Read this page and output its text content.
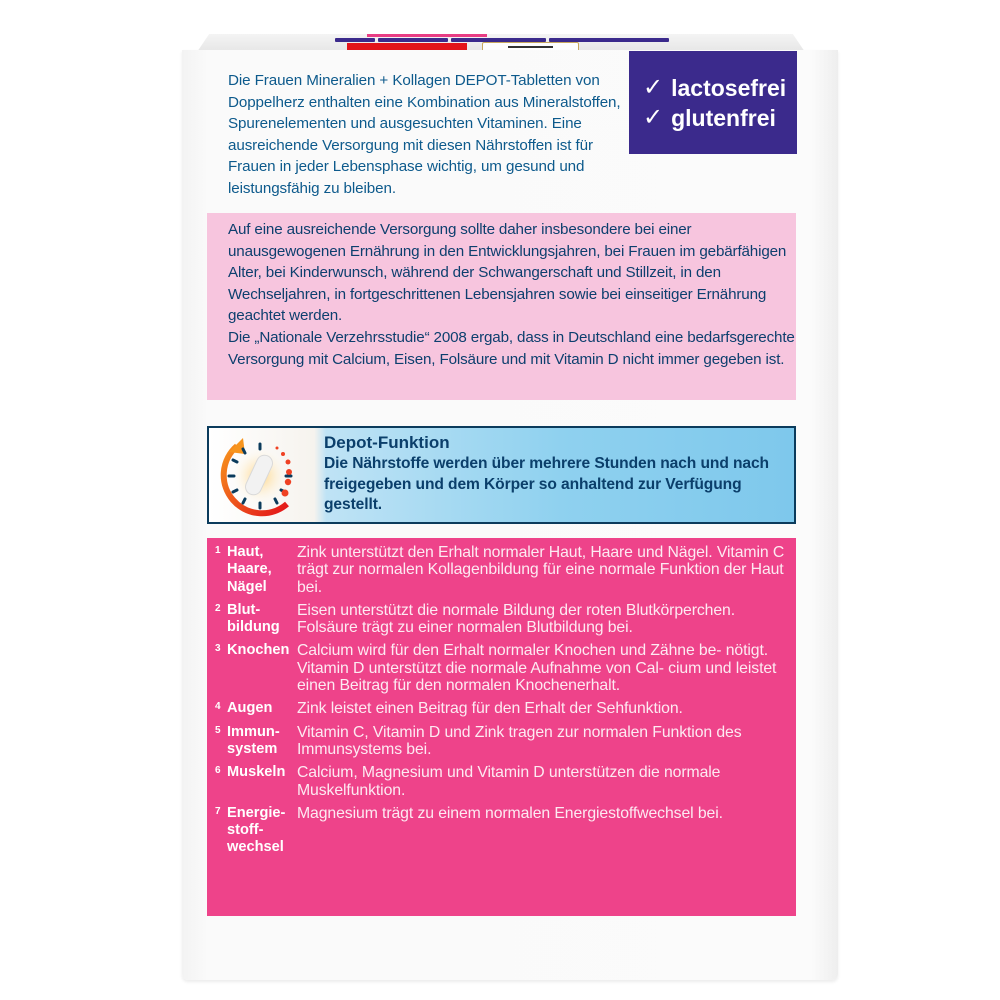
Die Frauen Mineralien + Kollagen DEPOT-Tabletten von Doppelherz enthalten eine Kombination aus Mineralstoffen, Spurenelementen und ausgesuchten Vitaminen. Eine ausreichende Versorgung mit diesen Nährstoffen ist für Frauen in jeder Lebensphase wichtig, um gesund und leistungsfähig zu bleiben.
✓ lactosefrei
✓ glutenfrei

Auf eine ausreichende Versorgung sollte daher insbesondere bei einer unausgewogenen Ernährung in den Entwicklungsjahren, bei Frauen im gebärfähigen Alter, bei Kinderwunsch, während der Schwangerschaft und Stillzeit, in den Wechseljahren, in fortgeschrittenen Lebensjahren sowie bei einseitiger Ernährung geachtet werden.

Die „Nationale Verzehrsstudie“ 2008 ergab, dass in Deutschland eine bedarfsgerechte Versorgung mit Calcium, Eisen, Folsäure und mit Vitamin D nicht immer gegeben ist.

Depot-Funktion
Die Nährstoffe werden über mehrere Stunden nach und nach freigegeben und dem Körper so anhaltend zur Verfügung gestellt.
1 Haut, Haare, Nägel
Zink unterstützt den Erhalt normaler Haut, Haare und Nägel. Vitamin C trägt zur normalen Kollagenbildung für eine normale Funktion der Haut bei.
2 Blut- bildung
Eisen unterstützt die normale Bildung der roten Blutkörperchen. Folsäure trägt zu einer normalen Blutbildung bei.
3 Knochen Calcium wird für den Erhalt normaler Knochen und Zähne be- nötigt. Vitamin D unterstützt die normale Aufnahme von Cal- cium und leistet einen Beitrag für den normalen Knochenerhalt.
4 Augen	Zink leistet einen Beitrag für den Erhalt der Sehfunktion.
5 Immun- system
Vitamin C, Vitamin D und Zink tragen zur normalen Funktion des Immunsystems bei.
6 Muskeln Calcium, Magnesium und Vitamin D unterstützen die normale Muskelfunktion.
7 Energie- stoff- wechsel
Magnesium trägt zu einem normalen Energiestoffwechsel bei.
